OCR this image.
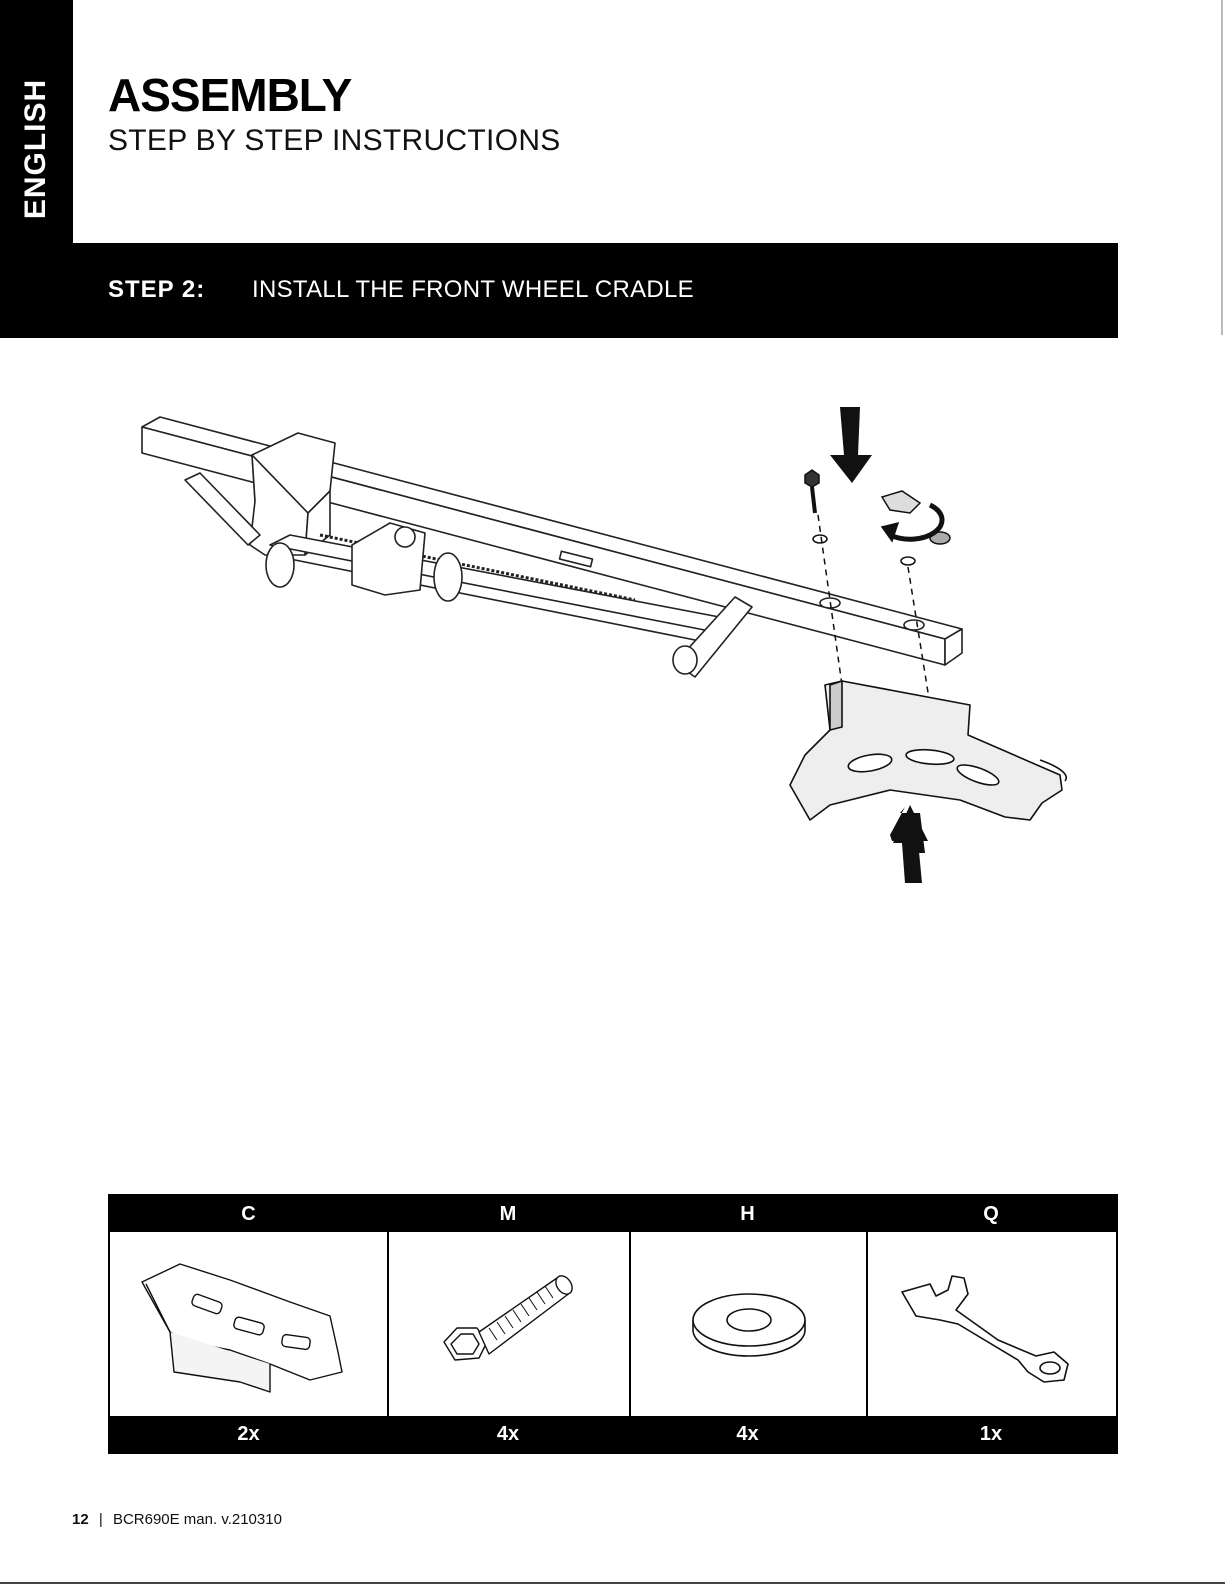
ENGLISH ASSEMBLY
STEP BY STEP INSTRUCTIONS
STEP 2: INSTALL THE FRONT WHEEL CRADLE
C	M	H	Q
2x	4x	4x	1x
12 | BCR690E man. v.210310
